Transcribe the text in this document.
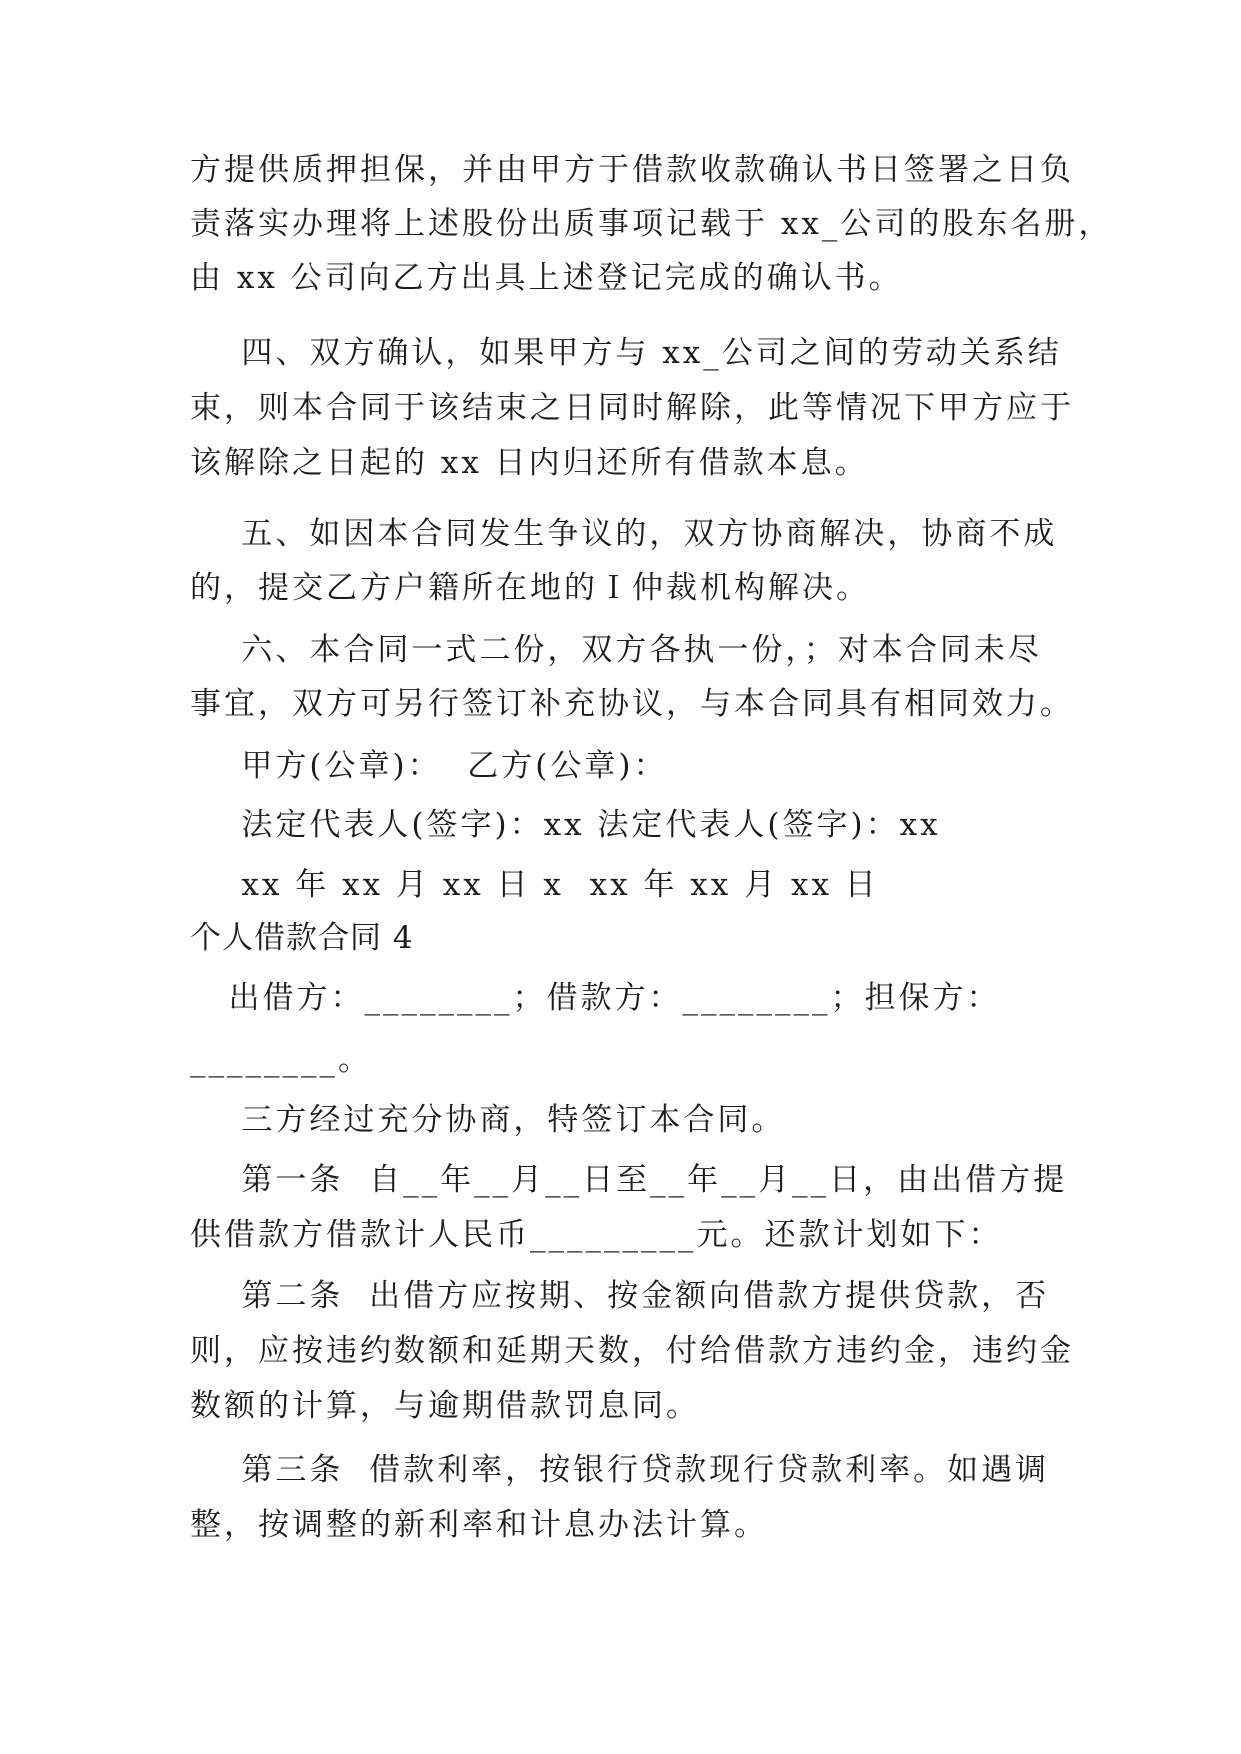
方提供质押担保，并由甲方于借款收款确认书日签署之日负
责落实办理将上述股份出质事项记载于 xx_公司的股东名册，
由 xx 公司向乙方出具上述登记完成的确认书。
四、双方确认，如果甲方与 xx_公司之间的劳动关系结
束，则本合同于该结束之日同时解除，此等情况下甲方应于
该解除之日起的 xx 日内归还所有借款本息。
五、如因本合同发生争议的，双方协商解决，协商不成
的，提交乙方户籍所在地的Ｉ仲裁机构解决。
六、本合同一式二份，双方各执一份，；对本合同未尽
事宜，双方可另行签订补充协议，与本合同具有相同效力。
甲方(公章)：  乙方(公章)：
法定代表人(签字)：xx 法定代表人(签字)：xx
xx 年 xx 月 xx 日 x  xx 年 xx 月 xx 日
个人借款合同 4
出借方：________；借款方：________；担保方：
________。
三方经过充分协商，特签订本合同。
第一条  自__年__月__日至__年__月__日，由出借方提
供借款方借款计人民币_________元。还款计划如下：
第二条  出借方应按期、按金额向借款方提供贷款，否
则，应按违约数额和延期天数，付给借款方违约金，违约金
数额的计算，与逾期借款罚息同。
第三条  借款利率，按银行贷款现行贷款利率。如遇调
整，按调整的新利率和计息办法计算。
